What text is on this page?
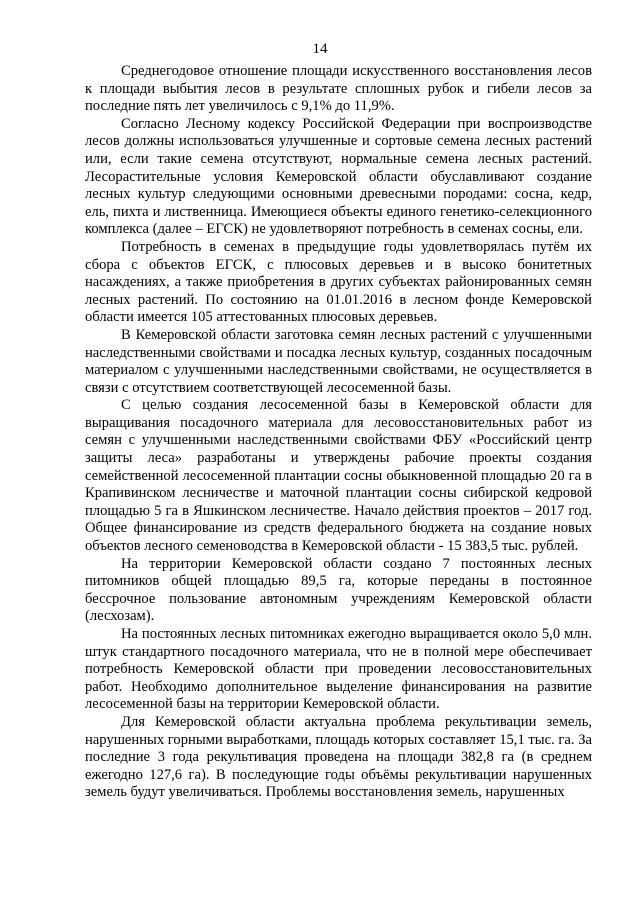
14

Среднегодовое отношение площади искусственного восстановления лесов к площади выбытия лесов в результате сплошных рубок и гибели лесов за последние пять лет увеличилось с 9,1% до 11,9%.

Согласно Лесному кодексу Российской Федерации при воспроизводстве лесов должны использоваться улучшенные и сортовые семена лесных растений или, если такие семена отсутствуют, нормальные семена лесных растений. Лесорастительные условия Кемеровской области обуславливают создание лесных культур следующими основными древесными породами: сосна, кедр, ель, пихта и лиственница. Имеющиеся объекты единого генетико-селекционного комплекса (далее – ЕГСК) не удовлетворяют потребность в семенах сосны, ели.

Потребность в семенах в предыдущие годы удовлетворялась путём их сбора с объектов ЕГСК, с плюсовых деревьев и в высоко бонитетных насаждениях, а также приобретения в других субъектах районированных семян лесных растений. По состоянию на 01.01.2016 в лесном фонде Кемеровской области имеется 105 аттестованных плюсовых деревьев.

В Кемеровской области заготовка семян лесных растений с улучшенными наследственными свойствами и посадка лесных культур, созданных посадочным материалом с улучшенными наследственными свойствами, не осуществляется в связи с отсутствием соответствующей лесосеменной базы.

С целью создания лесосеменной базы в Кемеровской области для выращивания посадочного материала для лесовосстановительных работ из семян с улучшенными наследственными свойствами ФБУ «Российский центр защиты леса» разработаны и утверждены рабочие проекты создания семейственной лесосеменной плантации сосны обыкновенной площадью 20 га в Крапивинском лесничестве и маточной плантации сосны сибирской кедровой площадью 5 га в Яшкинском лесничестве. Начало действия проектов – 2017 год. Общее финансирование из средств федерального бюджета на создание новых объектов лесного семеноводства в Кемеровской области - 15 383,5 тыс. рублей.

На территории Кемеровской области создано 7 постоянных лесных питомников общей площадью 89,5 га, которые переданы в постоянное бессрочное пользование автономным учреждениям Кемеровской области (лесхозам).

На постоянных лесных питомниках ежегодно выращивается около 5,0 млн. штук стандартного посадочного материала, что не в полной мере обеспечивает потребность Кемеровской области при проведении лесовосстановительных работ. Необходимо дополнительное выделение финансирования на развитие лесосеменной базы на территории Кемеровской области.

Для Кемеровской области актуальна проблема рекультивации земель, нарушенных горными выработками, площадь которых составляет 15,1 тыс. га. За последние 3 года рекультивация проведена на площади 382,8 га (в среднем ежегодно 127,6 га). В последующие годы объёмы рекультивации нарушенных земель будут увеличиваться. Проблемы восстановления земель, нарушенных
